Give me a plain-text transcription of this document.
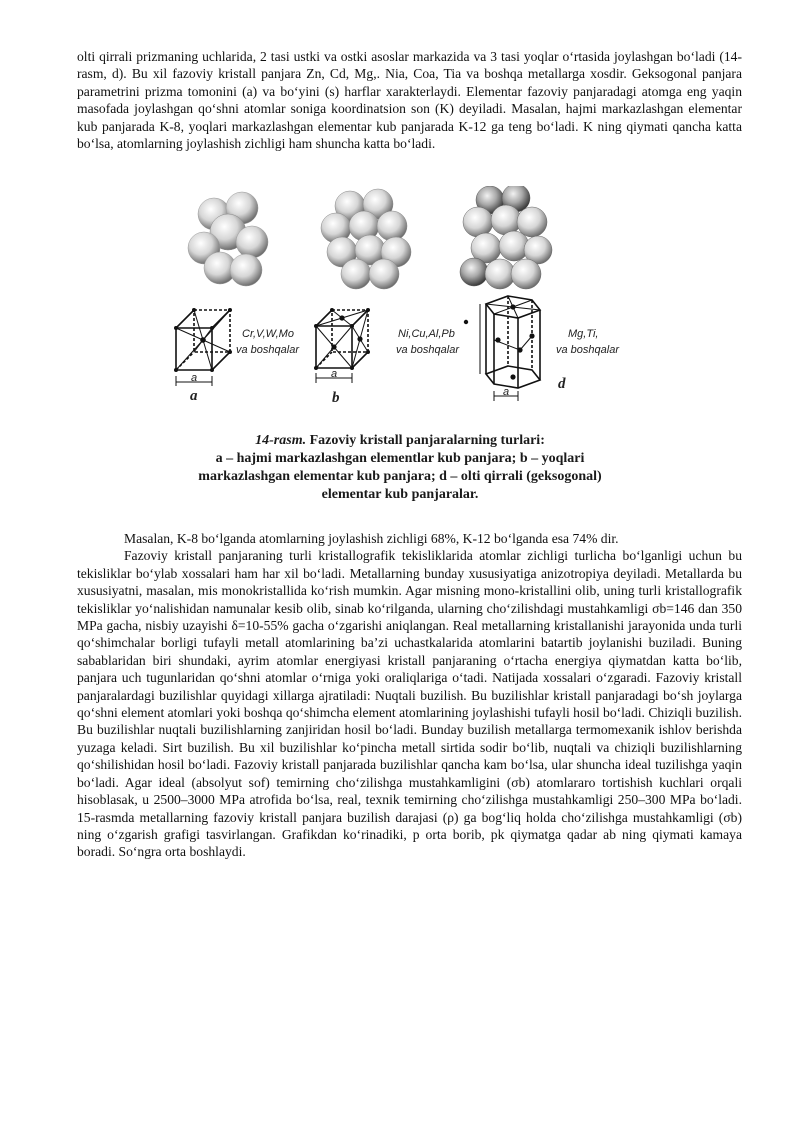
olti qirrali prizmaning uchlarida, 2 tasi ustki va ostki asoslar markazida va 3 tasi yoqlar oʻrtasida joylashgan boʻladi (14-rasm, d). Bu xil fazoviy kristall panjara Zn, Cd, Mg,. Nia, Coa, Tia va boshqa metallarga xosdir. Geksogonal panjara parametrini prizma tomonini (a) va boʻyini (s) harflar xarakterlaydi. Elementar fazoviy panjaradagi atomga eng yaqin masofada joylashgan qoʻshni atomlar soniga koordinatsion son (K) deyiladi. Masalan, hajmi markazlashgan elementar kub panjarada K-8, yoqlari markazlashgan elementar kub panjarada K-12 ga teng boʻladi. K ning qiymati qancha katta boʻlsa, atomlarning joylashish zichligi ham shuncha katta boʻladi.

Cr,V,W,Mo
va boshqalar
Ni,Cu,Al,Pb
va boshqalar
Mg,Ti,
va boshqalar
a	a
a
a	b
d
14-rasm. Fazoviy kristall panjaralarning turlari:
a – hajmi markazlashgan elementlar kub panjara; b – yoqlari
markazlashgan elementar kub panjara; d – olti qirrali (geksogonal)
elementar kub panjaralar.

Masalan, K-8 boʻlganda atomlarning joylashish zichligi 68%, K-12 boʻlganda esa 74% dir.

Fazoviy kristall panjaraning turli kristallografik tekisliklarida atomlar zichligi turlicha boʻlganligi uchun bu tekisliklar boʻylab xossalari ham har xil boʻladi. Metallarning bunday xususiyatiga anizotropiya deyiladi. Metallarda bu xususiyatni, masalan, mis monokristallida koʻrish mumkin. Agar misning mono-kristallini olib, uning turli kristallografik tekisliklar yoʻnalishidan namunalar kesib olib, sinab koʻrilganda, ularning choʻzilishdagi mustahkamligi σb=146 dan 350 MPa gacha, nisbiy uzayishi δ=10-55% gacha oʻzgarishi aniqlangan. Real metallarning kristallanishi jarayonida unda turli qoʻshimchalar borligi tufayli metall atomlarining baʼzi uchastkalarida atomlarini batartib joylanishi buziladi. Buning sabablaridan biri shundaki, ayrim atomlar energiyasi kristall panjaraning oʻrtacha energiya qiymatdan katta boʻlib, panjara uch tugunlaridan qoʻshni atomlar oʻrniga yoki oraliqlariga oʻtadi. Natijada xossalari oʻzgaradi. Fazoviy kristall panjaralardagi buzilishlar quyidagi xillarga ajratiladi: Nuqtali buzilish. Bu buzilishlar kristall panjaradagi boʻsh joylarga qoʻshni element atomlari yoki boshqa qoʻshimcha element atomlarining joylashishi tufayli hosil boʻladi. Chiziqli buzilish. Bu buzilishlar nuqtali buzilishlarning zanjiridan hosil boʻladi. Bunday buzilish metallarga termomexanik ishlov berishda yuzaga keladi. Sirt buzilish. Bu xil buzilishlar koʻpincha metall sirtida sodir boʻlib, nuqtali va chiziqli buzilishlarning qoʻshilishidan hosil boʻladi. Fazoviy kristall panjarada buzilishlar qancha kam boʻlsa, ular shuncha ideal tuzilishga yaqin boʻladi. Agar ideal (absolyut sof) temirning choʻzilishga mustahkamligini (σb) atomlararo tortishish kuchlari orqali hisoblasak, u 2500–3000 MPa atrofida boʻlsa, real, texnik temirning choʻzilishga mustahkamligi 250–300 MPa boʻladi. 15-rasmda metallarning fazoviy kristall panjara buzilish darajasi (ρ) ga bogʻliq holda choʻzilishga mustahkamligi (σb) ning oʻzgarish grafigi tasvirlangan. Grafikdan koʻrinadiki, p orta borib, pk qiymatga qadar ab ning qiymati kamaya boradi. Soʻngra orta boshlaydi.
